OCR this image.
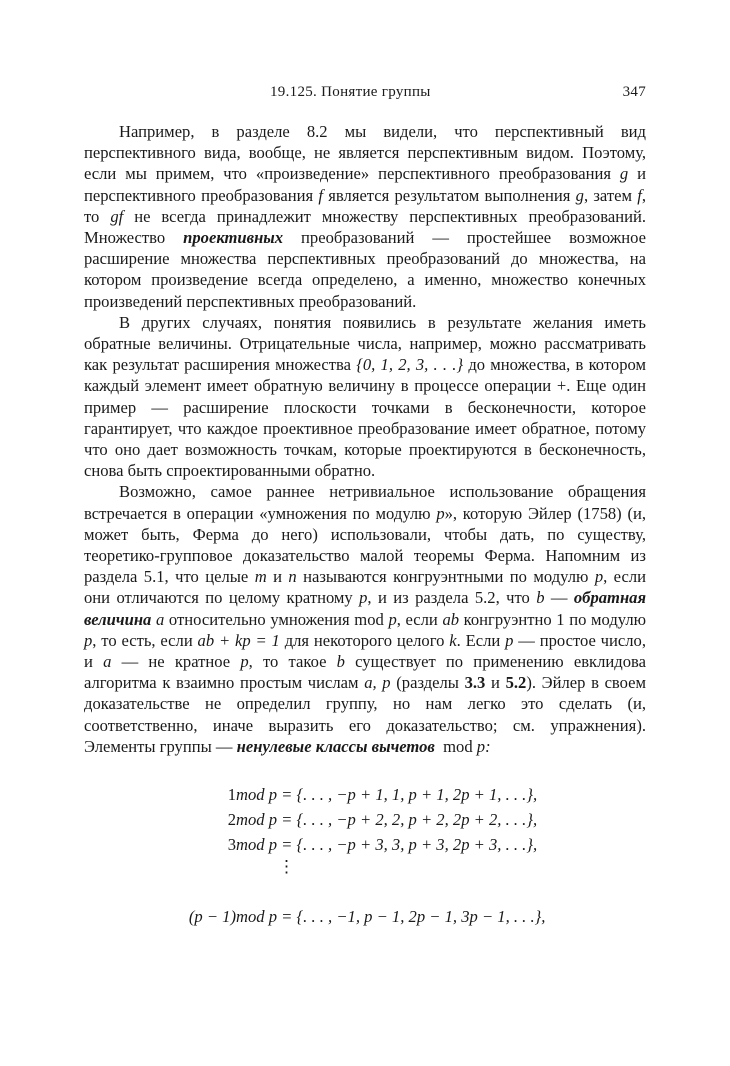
19.125. Понятие группы	347

Например, в разделе 8.2 мы видели, что перспективный вид перспективного вида, вообще, не является перспективным видом. Поэтому, если мы примем, что «произведение» перспективного преобразования g и перспективного преобразования f является результатом выполнения g, затем f, то gf не всегда принадлежит множеству перспективных преобразований. Множество проективных преобразований — простейшее возможное расширение множества перспективных преобразований до множества, на котором произведение всегда определено, а именно, множество конечных произведений перспективных преобразований.

В других случаях, понятия появились в результате желания иметь обратные величины. Отрицательные числа, например, можно рассматривать как результат расширения множества {0, 1, 2, 3, . . .} до множества, в котором каждый элемент имеет обратную величину в процессе операции +. Еще один пример — расширение плоскости точками в бесконечности, которое гарантирует, что каждое проективное преобразование имеет обратное, потому что оно дает возможность точкам, которые проектируются в бесконечность, снова быть спроектированными обратно.

Возможно, самое раннее нетривиальное использование обращения встречается в операции «умножения по модулю p», которую Эйлер (1758) (и, может быть, Ферма до него) использовали, чтобы дать, по существу, теоретико-групповое доказательство малой теоремы Ферма. Напомним из раздела 5.1, что целые m и n называются конгруэнтными по модулю p, если они отличаются по целому кратному p, и из раздела 5.2, что b — обратная величина a относительно умножения mod p, если ab конгруэнтно 1 по модулю p, то есть, если ab + kp = 1 для некоторого целого k. Если p — простое число, и a — не кратное p, то такое b существует по применению евклидова алгоритма к взаимно простым числам a, p (разделы 3.3 и 5.2). Эйлер в своем доказательстве не определил группу, но нам легко это сделать (и, соответственно, иначе выразить его доказательство; см. упражнения). Элементы группы — ненулевые классы вычетов  mod p:

1 mod p = {. . . , −p + 1, 1, p + 1, 2p + 1, . . .},
2 mod p = {. . . , −p + 2, 2, p + 2, 2p + 2, . . .},
3 mod p = {. . . , −p + 3, 3, p + 3, 2p + 3, . . .},
⋮
(p − 1) mod p = {. . . , −1, p − 1, 2p − 1, 3p − 1, . . .},
